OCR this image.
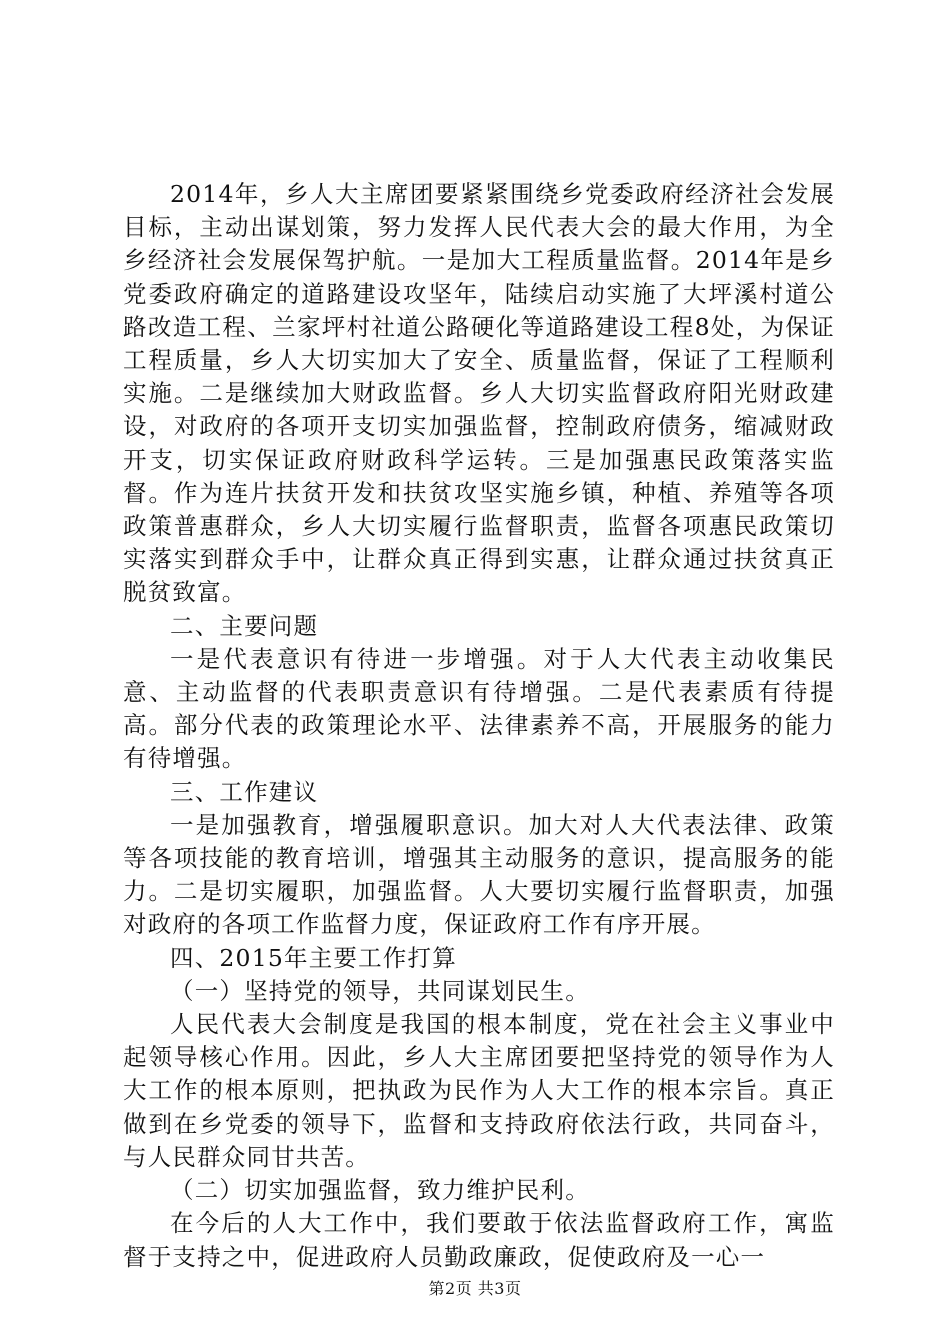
2014年，乡人大主席团要紧紧围绕乡党委政府经济社会发展目标，主动出谋划策，努力发挥人民代表大会的最大作用，为全乡经济社会发展保驾护航。一是加大工程质量监督。2014年是乡党委政府确定的道路建设攻坚年，陆续启动实施了大坪溪村道公路改造工程、兰家坪村社道公路硬化等道路建设工程8处，为保证工程质量，乡人大切实加大了安全、质量监督，保证了工程顺利实施。二是继续加大财政监督。乡人大切实监督政府阳光财政建设，对政府的各项开支切实加强监督，控制政府债务，缩减财政开支，切实保证政府财政科学运转。三是加强惠民政策落实监督。作为连片扶贫开发和扶贫攻坚实施乡镇，种植、养殖等各项政策普惠群众，乡人大切实履行监督职责，监督各项惠民政策切实落实到群众手中，让群众真正得到实惠，让群众通过扶贫真正脱贫致富。

二、主要问题

一是代表意识有待进一步增强。对于人大代表主动收集民意、主动监督的代表职责意识有待增强。二是代表素质有待提高。部分代表的政策理论水平、法律素养不高，开展服务的能力有待增强。

三、工作建议

一是加强教育，增强履职意识。加大对人大代表法律、政策等各项技能的教育培训，增强其主动服务的意识，提高服务的能力。二是切实履职，加强监督。人大要切实履行监督职责，加强对政府的各项工作监督力度，保证政府工作有序开展。

四、2015年主要工作打算

（一）坚持党的领导，共同谋划民生。

人民代表大会制度是我国的根本制度，党在社会主义事业中起领导核心作用。因此，乡人大主席团要把坚持党的领导作为人大工作的根本原则，把执政为民作为人大工作的根本宗旨。真正做到在乡党委的领导下，监督和支持政府依法行政，共同奋斗，与人民群众同甘共苦。

（二）切实加强监督，致力维护民利。

在今后的人大工作中，我们要敢于依法监督政府工作，寓监督于支持之中，促进政府人员勤政廉政，促使政府及一心一

第2页 共3页
